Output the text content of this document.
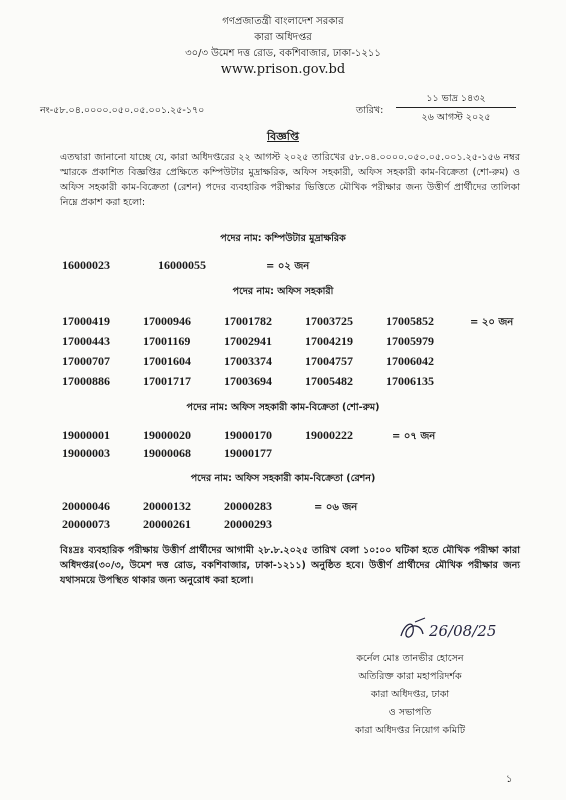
গণপ্রজাতন্ত্রী বাংলাদেশ সরকার
কারা অধিদপ্তর
৩০/৩ উমেশ দত্ত রোড, বকশিবাজার, ঢাকা-১২১১
www.prison.gov.bd
নং-৫৮.০৪.০০০০.০৫০.০৫.০০১.২৫-১৭০	তারিখ:
১১ ভাদ্র ১৪৩২
২৬ আগস্ট ২০২৫
বিজ্ঞপ্তি
এতদ্বারা জানানো যাচ্ছে যে, কারা অধিদপ্তরের ২২ আগস্ট ২০২৫ তারিখের ৫৮.০৪.০০০০.০৫০.০৫.০০১.২৫-১৫৬ নম্বর স্মারকে প্রকাশিত বিজ্ঞপ্তির প্রেক্ষিতে কম্পিউটার মুদ্রাক্ষরিক, অফিস সহকারী, অফিস সহকারী কাম-বিক্রেতা (শো-রুম) ও অফিস সহকারী কাম-বিক্রেতা (রেশন) পদের ব্যবহারিক পরীক্ষার ভিত্তিতে মৌখিক পরীক্ষার জন্য উত্তীর্ণ প্রার্থীদের তালিকা নিম্নে প্রকাশ করা হলো:
পদের নাম: কম্পিউটার মুদ্রাক্ষরিক
16000023	16000055	= ০২ জন
পদের নাম: অফিস সহকারী
17000419	17000946	17001782	17003725	17005852	= ২০ জন
17000443	17001169	17002941	17004219	17005979
17000707	17001604	17003374	17004757	17006042
17000886	17001717	17003694	17005482	17006135
পদের নাম: অফিস সহকারী কাম-বিক্রেতা (শো-রুম)
19000001	19000020	19000170	19000222	= ০৭ জন
19000003	19000068	19000177
পদের নাম: অফিস সহকারী কাম-বিক্রেতা (রেশন)
20000046	20000132	20000283	= ০৬ জন
20000073	20000261	20000293
বিঃদ্রঃ ব্যবহারিক পরীক্ষায় উত্তীর্ণ প্রার্থীদের আগামী ২৮.৮.২০২৫ তারিখ বেলা ১০:০০ ঘটিকা হতে মৌখিক পরীক্ষা কারা অধিদপ্তর(৩০/৩, উমেশ দত্ত রোড, বকশিবাজার, ঢাকা-১২১১) অনুষ্ঠিত হবে। উত্তীর্ণ প্রার্থীদের মৌখিক পরীক্ষার জন্য যথাসময়ে উপস্থিত থাকার জন্য অনুরোধ করা হলো।
26/08/25
কর্নেল মোঃ তানভীর হোসেন
অতিরিক্ত কারা মহাপরিদর্শক
কারা অধিদপ্তর, ঢাকা
ও সভাপতি
কারা অধিদপ্তর নিয়োগ কমিটি
১
